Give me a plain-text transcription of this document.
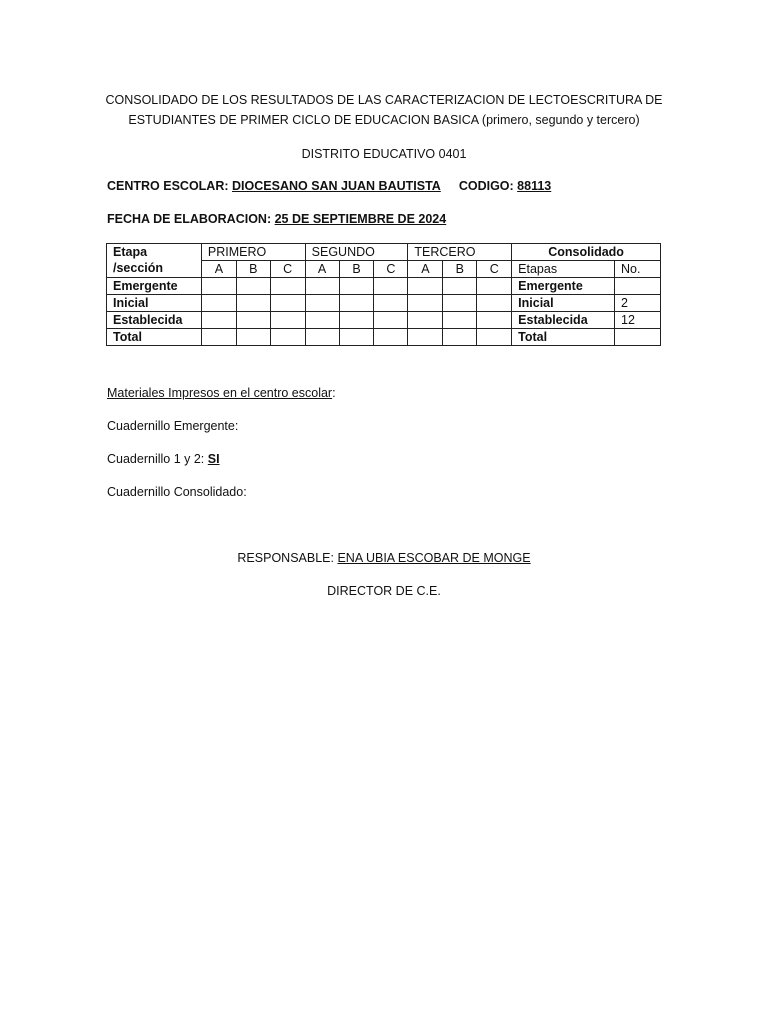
CONSOLIDADO DE LOS RESULTADOS DE LAS CARACTERIZACION DE LECTOESCRITURA DE
ESTUDIANTES DE PRIMER CICLO DE EDUCACION BASICA (primero, segundo y tercero)
DISTRITO EDUCATIVO 0401
CENTRO ESCOLAR: DIOCESANO SAN JUAN BAUTISTA CODIGO: 88113
FECHA DE ELABORACION: 25 DE SEPTIEMBRE DE 2024
Etapa
/sección	PRIMERO			SEGUNDO			TERCERO			Consolidado	
	A	B	C	A	B	C	A	B	C	Etapas	No.
Emergente										Emergente	
Inicial										Inicial	2
Establecida										Establecida	12
Total										Total	
Materiales Impresos en el centro escolar:
Cuadernillo Emergente:
Cuadernillo 1 y 2: SI
Cuadernillo Consolidado:
RESPONSABLE: ENA UBIA ESCOBAR DE MONGE
DIRECTOR DE C.E.
